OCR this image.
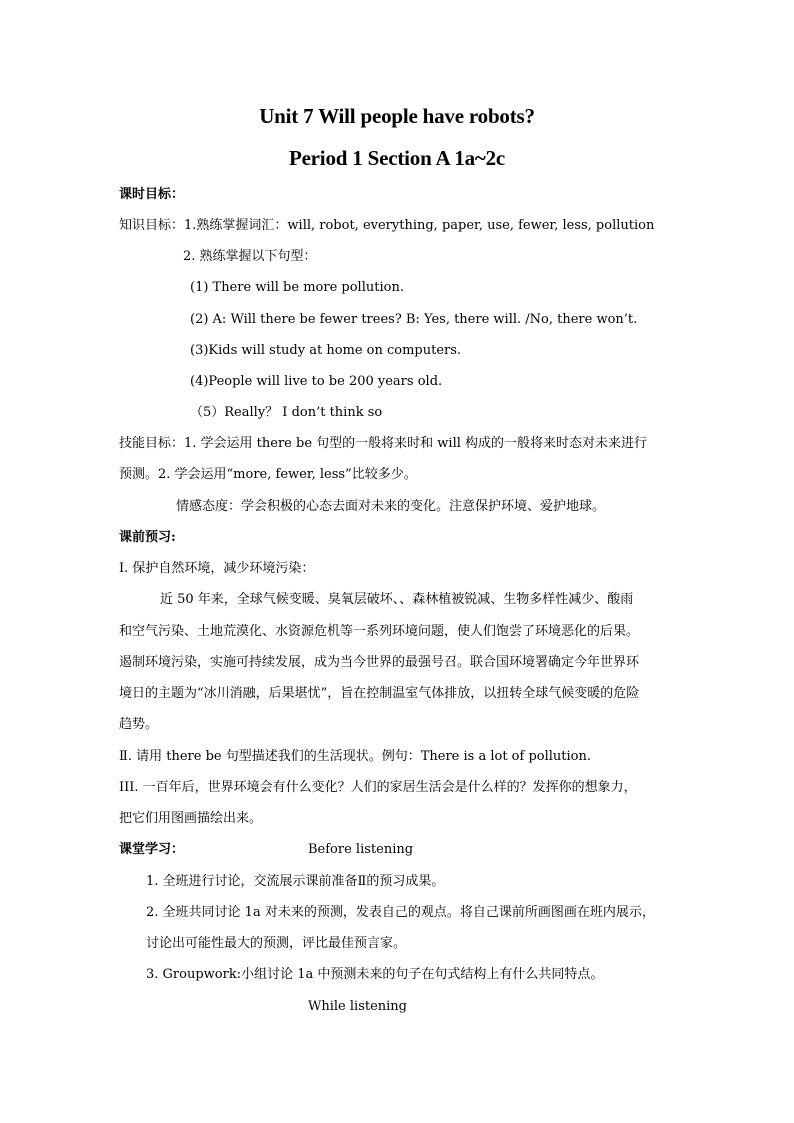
Unit 7 Will people have robots?
Period 1 Section A 1a~2c
课时目标：
知识目标：1.熟练掌握词汇：will, robot, everything, paper, use, fewer, less, pollution
2. 熟练掌握以下句型：
(1) There will be more pollution.
(2) A: Will there be fewer trees? B: Yes, there will. /No, there won’t.
(3)Kids will study at home on computers.
(4)People will live to be 200 years old.
（5）Really？ I don’t think so
技能目标：1. 学会运用 there be 句型的一般将来时和 will 构成的一般将来时态对未来进行
预测。2. 学会运用“more, fewer, less”比较多少。
情感态度：学会积极的心态去面对未来的变化。注意保护环境、爱护地球。
课前预习:
Ⅰ. 保护自然环境，减少环境污染：
近 50 年来，全球气候变暖、臭氧层破坏、、森林植被锐减、生物多样性减少、酸雨
和空气污染、土地荒漠化、水资源危机等一系列环境问题，使人们饱尝了环境恶化的后果。
遏制环境污染，实施可持续发展，成为当今世界的最强号召。联合国环境署确定今年世界环
境日的主题为“冰川消融，后果堪忧”，旨在控制温室气体排放，以扭转全球气候变暖的危险
趋势。
Ⅱ. 请用 there be 句型描述我们的生活现状。例句：There is a lot of pollution.
III. 一百年后，世界环境会有什么变化？人们的家居生活会是什么样的？发挥你的想象力，
把它们用图画描绘出来。
课堂学习：	Before listening
1. 全班进行讨论，交流展示课前准备Ⅱ的预习成果。
2. 全班共同讨论 1a 对未来的预测，发表自己的观点。将自己课前所画图画在班内展示，
讨论出可能性最大的预测，评比最佳预言家。
3. Groupwork:小组讨论 1a 中预测未来的句子在句式结构上有什么共同特点。
While listening
